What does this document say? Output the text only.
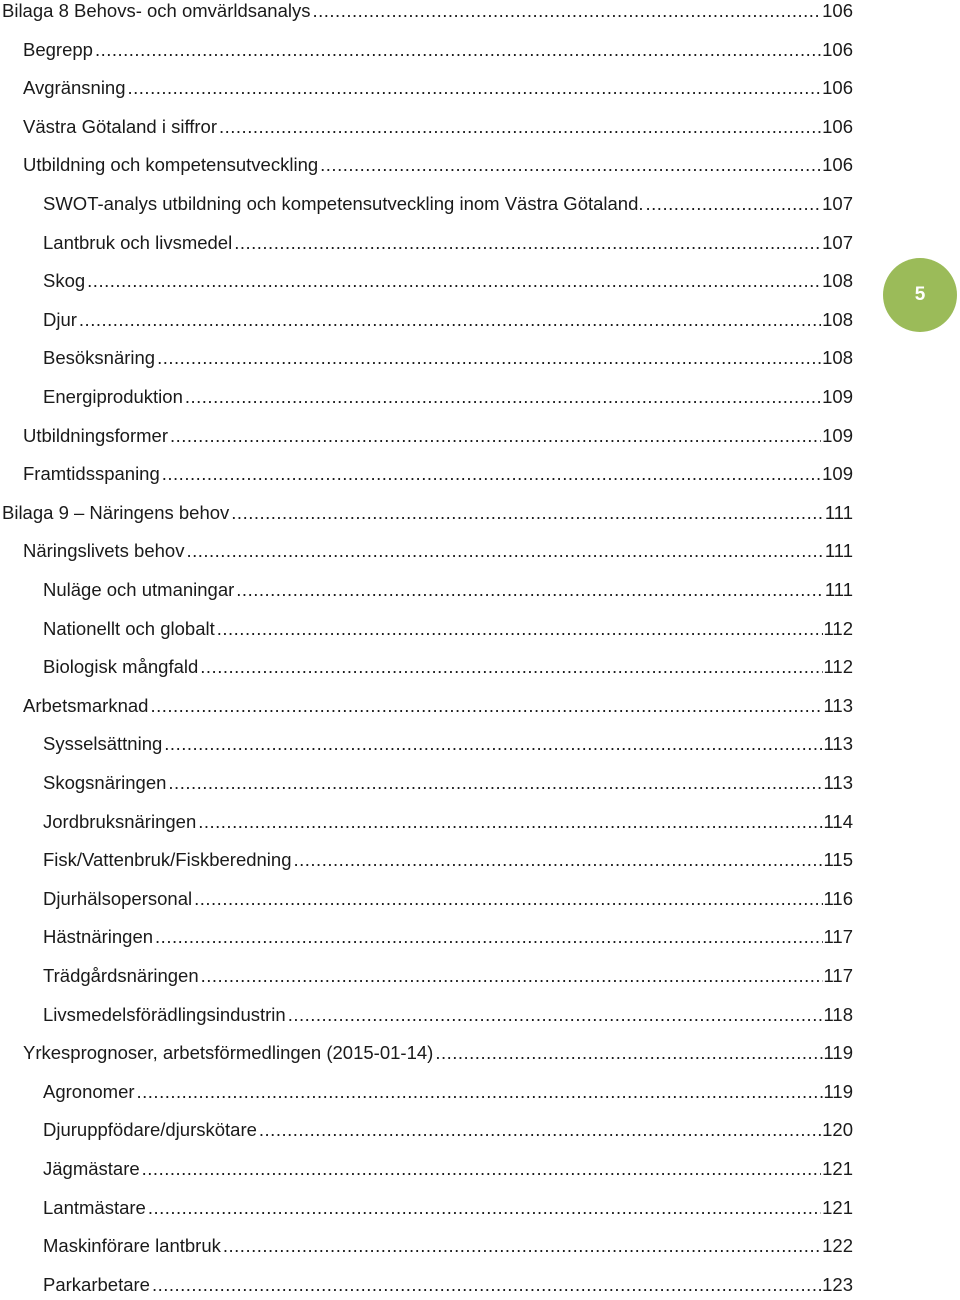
Bilaga 8 Behovs- och omvärldsanalys .....	106
Begrepp .....	106
Avgränsning .....	106
Västra Götaland i siffror .....	106
Utbildning och kompetensutveckling .....	106
SWOT-analys utbildning och kompetensutveckling inom Västra Götaland. .....	107
Lantbruk och livsmedel .....	107
Skog .....	108
Djur .....	108
Besöksnäring .....	108
Energiproduktion .....	109
Utbildningsformer .....	109
Framtidsspaning .....	109
Bilaga 9 – Näringens behov .....	111
Näringslivets behov .....	111
Nuläge och utmaningar .....	111
Nationellt och globalt .....	112
Biologisk mångfald .....	112
Arbetsmarknad .....	113
Sysselsättning .....	113
Skogsnäringen .....	113
Jordbruksnäringen .....	114
Fisk/Vattenbruk/Fiskberedning .....	115
Djurhälsopersonal .....	116
Hästnäringen .....	117
Trädgårdsnäringen .....	117
Livsmedelsförädlingsindustrin .....	118
Yrkesprognoser, arbetsförmedlingen (2015-01-14) .....	119
Agronomer .....	119
Djuruppfödare/djurskötare .....	120
Jägmästare .....	121
Lantmästare .....	121
Maskinförare lantbruk .....	122
Parkarbetare .....	123
5
